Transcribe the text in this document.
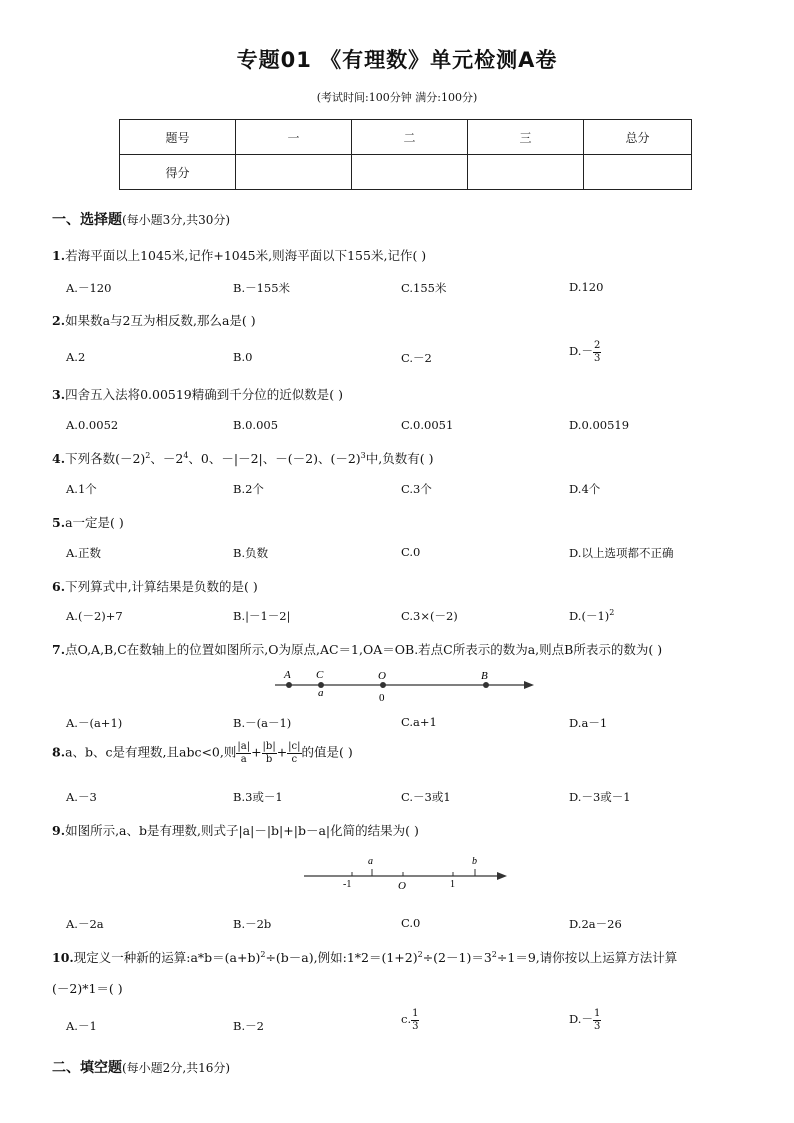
专题01 《有理数》单元检测A卷
(考试时间:100分钟 满分:100分)
题号	一	二	三	总分
得分				
一、选择题(每小题3分,共30分)
1.若海平面以上1045米,记作+1045米,则海平面以下155米,记作( )
A.－120	B.－155米	C.155米	D.120
2.如果数a与2互为相反数,那么a是( )
A.2	B.0	C.－2	$D.- \frac{2}{3}$
3.四舍五入法将0.00519精确到千分位的近似数是( )
A.0.0052	B.0.005	C.0.0051	D.0.00519
4.下列各数$(-2)^2$、$-2^4$、0、－|－2|、－(－2)、$(-2)^3$中,负数有( )
A.1个	B.2个	C.3个	D.4个
5.a一定是( )
A.正数	B.负数	C.0	D.以上选项都不正确
6.下列算式中,计算结果是负数的是( )
A.(－2)+7	B.|－1－2|	C.3×(－2)	$D.(-1)^2$
7.点O,A,B,C在数轴上的位置如图所示,O为原点,AC＝1,OA＝OB.若点C所表示的数为a,则点B所表示的数为( )
A C	O	B
a	0
A.－(a+1)	B.－(a－1)	C.a+1	D.a－1
8.a、b、c是有理数,且abc<0,则 $\frac{|a|}{a} + \frac{|b|}{b} + \frac{|c|}{c}$ 的值是( )
A.－3	B.3或－1	C.－3或1	D.－3或－1
9.如图所示,a、b是有理数,则式子|a|－|b|+|b－a|化简的结果为( )
a	b
-1	O	1
A.－2a	B.－2b	C.0	D.2a－26
10.现定义一种新的运算$:a*b=(a+b)^2\div(b-a)$,例如$:1*2=(1+2)^2\div(2-1)=3^2\div 1=9$,请你按以上运算方法计算
(－2)*1＝( )
A.－1	B.－2	c. $\frac{1}{3}$	$D.- \frac{1}{3}$
二、填空题(每小题2分,共16分)
